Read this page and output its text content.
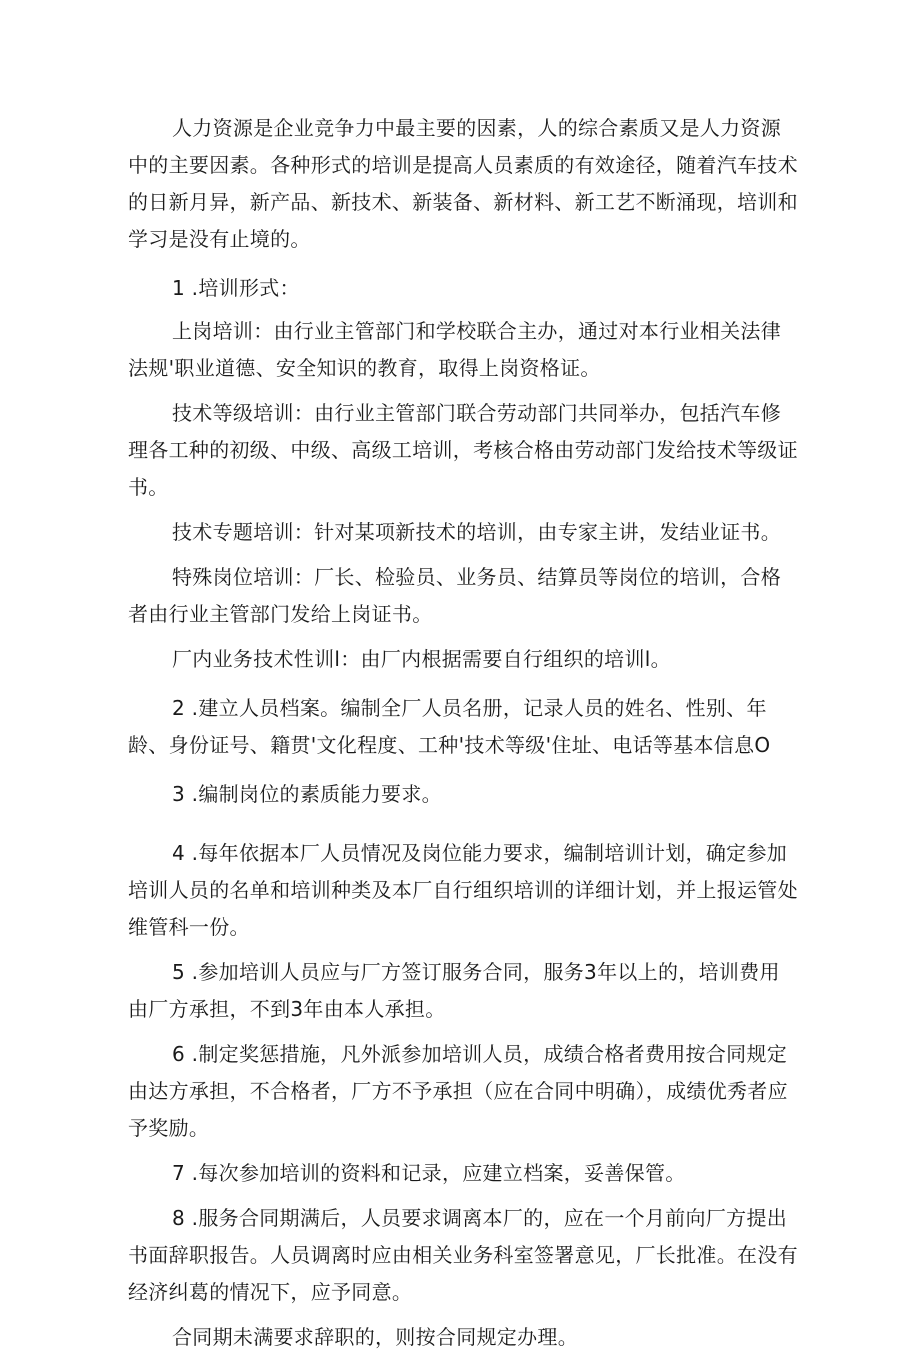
人力资源是企业竞争力中最主要的因素，人的综合素质又是人力资源中的主要因素。各种形式的培训是提高人员素质的有效途径，随着汽车技术的日新月异，新产品、新技术、新装备、新材料、新工艺不断涌现，培训和学习是没有止境的。

1 .培训形式：

上岗培训：由行业主管部门和学校联合主办，通过对本行业相关法律法规'职业道德、安全知识的教育，取得上岗资格证。

技术等级培训：由行业主管部门联合劳动部门共同举办，包括汽车修理各工种的初级、中级、高级工培训，考核合格由劳动部门发给技术等级证书。

技术专题培训：针对某项新技术的培训，由专家主讲，发结业证书。

特殊岗位培训：厂长、检验员、业务员、结算员等岗位的培训，合格者由行业主管部门发给上岗证书。

厂内业务技术性训l：由厂内根据需要自行组织的培训l。

2 .建立人员档案。编制全厂人员名册，记录人员的姓名、性别、年龄、身份证号、籍贯'文化程度、工种'技术等级'住址、电话等基本信息O

3 .编制岗位的素质能力要求。

4 .每年依据本厂人员情况及岗位能力要求，编制培训计划，确定参加培训人员的名单和培训种类及本厂自行组织培训的详细计划，并上报运管处维管科一份。

5 .参加培训人员应与厂方签订服务合同，服务3年以上的，培训费用由厂方承担，不到3年由本人承担。

6 .制定奖惩措施，凡外派参加培训人员，成绩合格者费用按合同规定由达方承担，不合格者，厂方不予承担（应在合同中明确），成绩优秀者应予奖励。

7 .每次参加培训的资料和记录，应建立档案，妥善保管。

8 .服务合同期满后，人员要求调离本厂的，应在一个月前向厂方提出书面辞职报告。人员调离时应由相关业务科室签署意见，厂长批准。在没有经济纠葛的情况下，应予同意。

合同期未满要求辞职的，则按合同规定办理。
